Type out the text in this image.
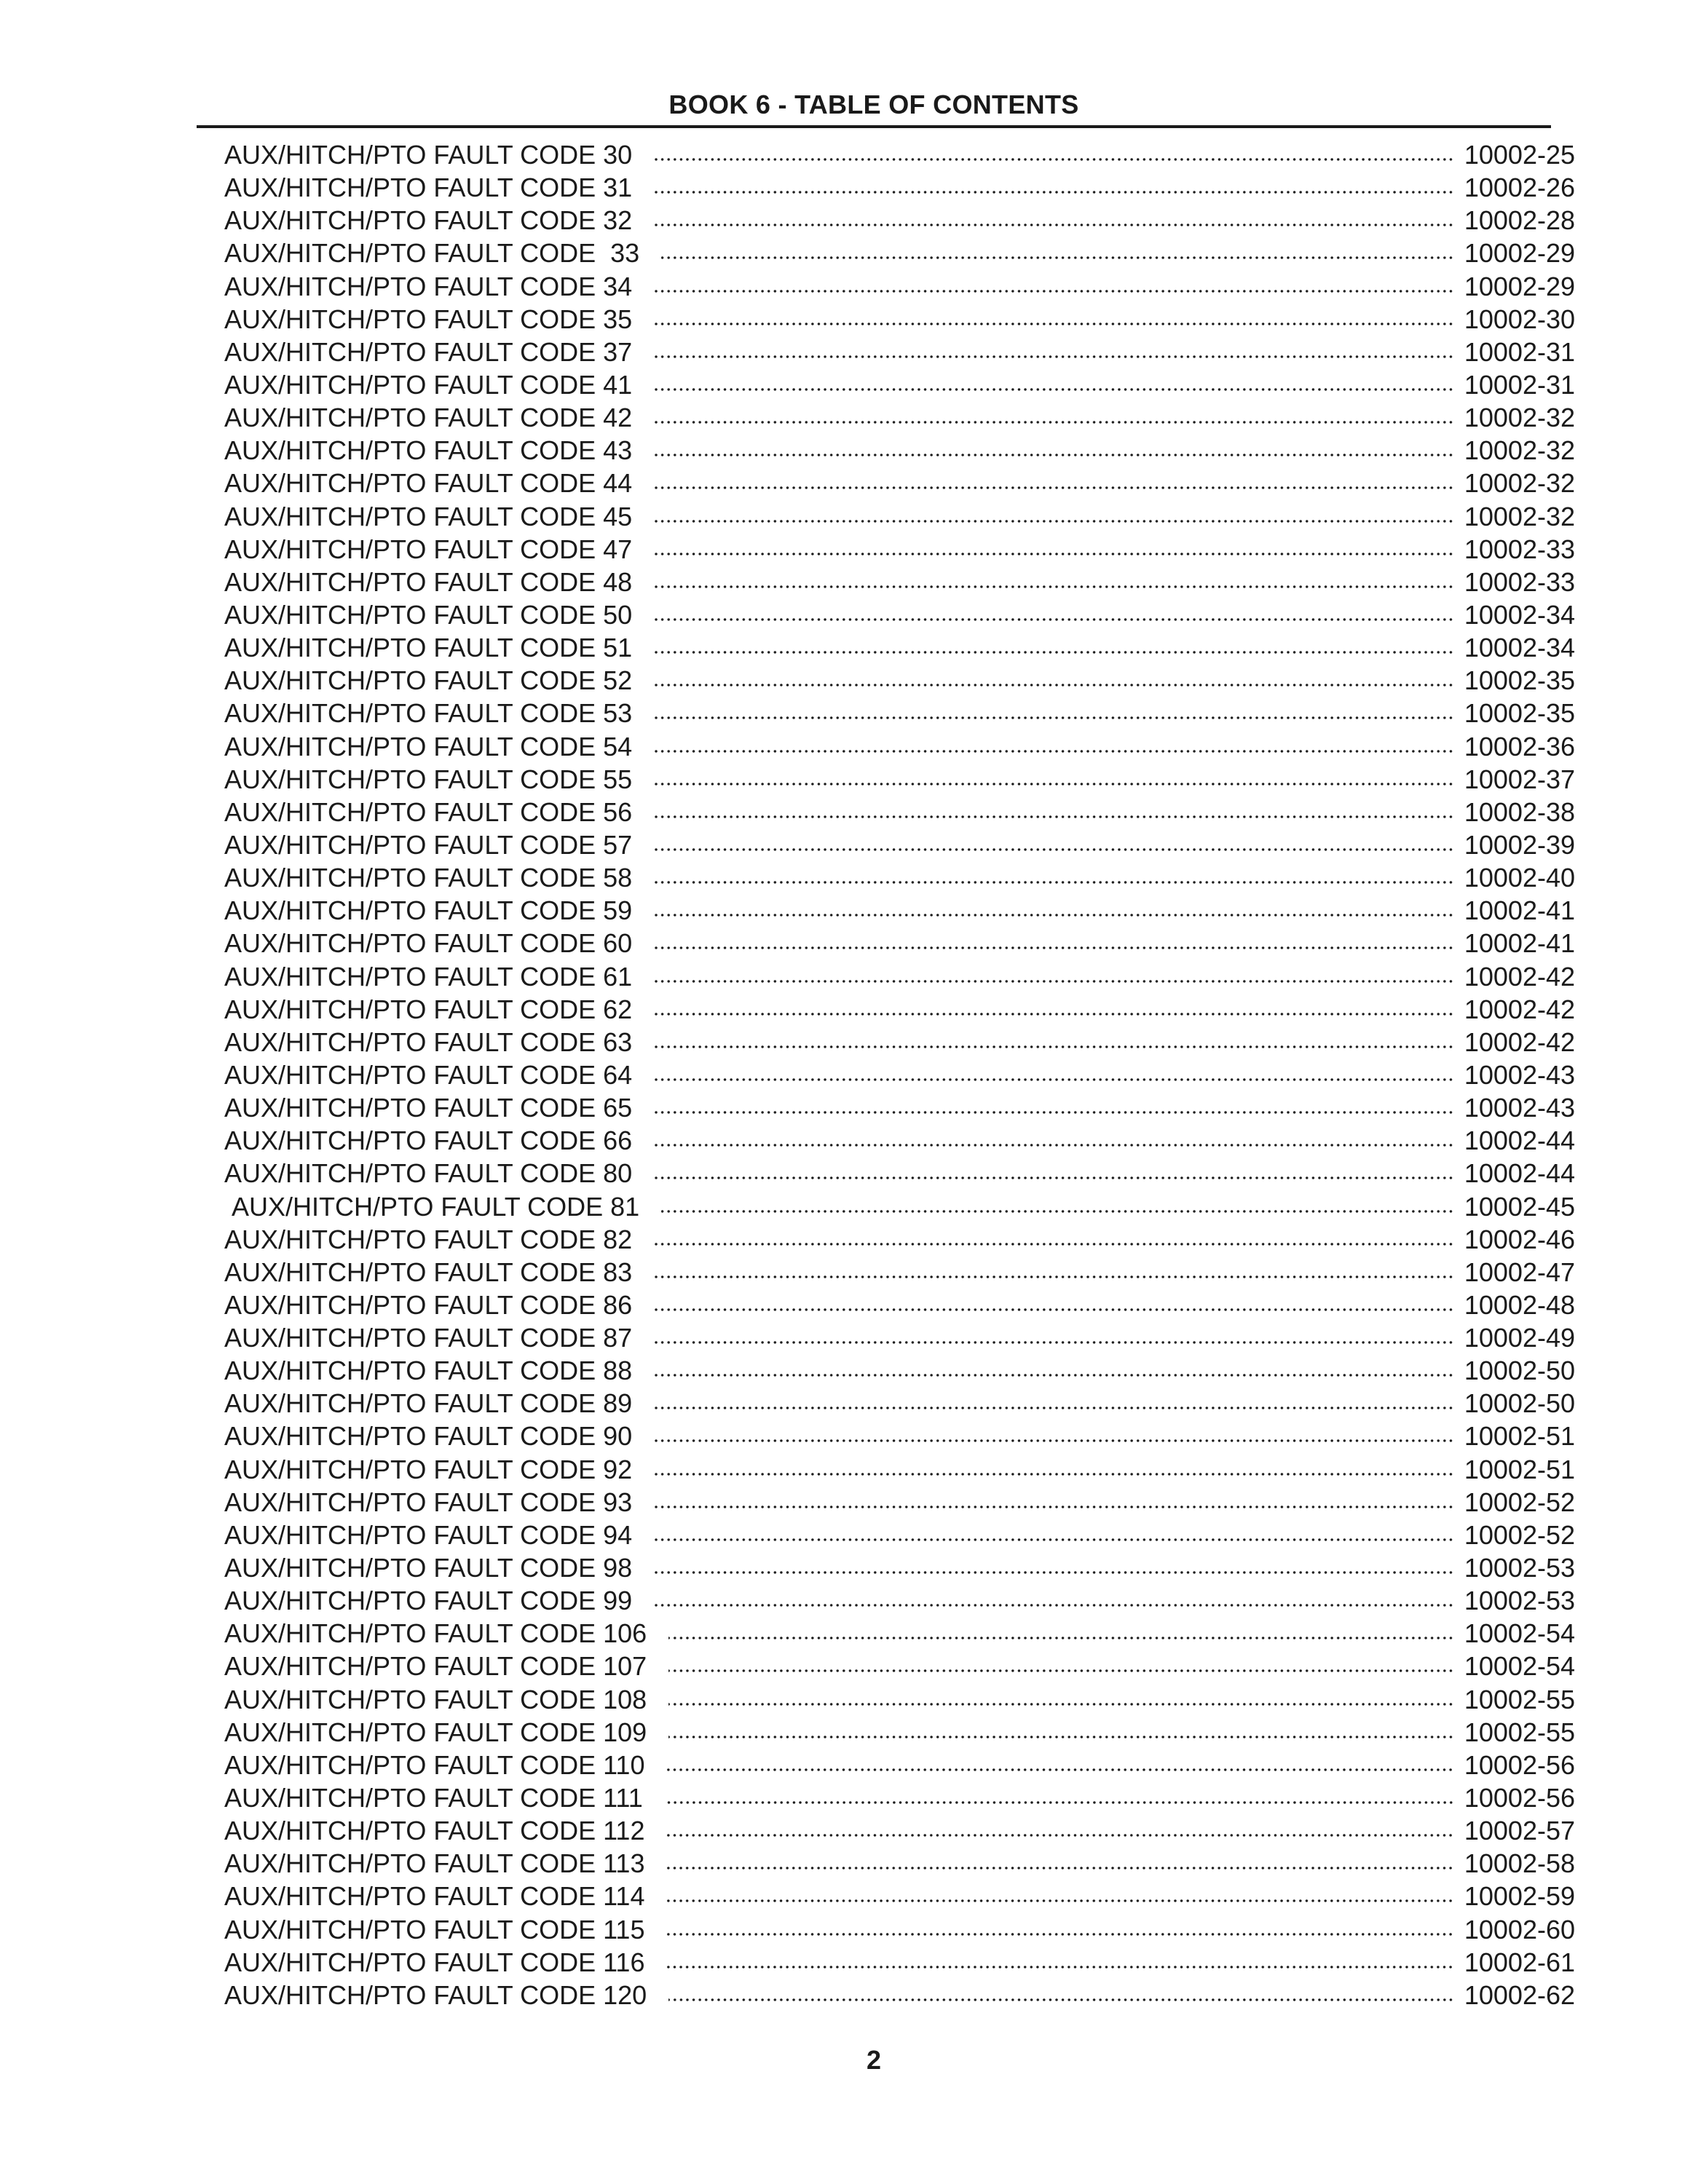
BOOK 6 - TABLE OF CONTENTS
AUX/HITCH/PTO FAULT CODE 30	10002-25
AUX/HITCH/PTO FAULT CODE 31	10002-26
AUX/HITCH/PTO FAULT CODE 32	10002-28
AUX/HITCH/PTO FAULT CODE  33	10002-29
AUX/HITCH/PTO FAULT CODE 34	10002-29
AUX/HITCH/PTO FAULT CODE 35	10002-30
AUX/HITCH/PTO FAULT CODE 37	10002-31
AUX/HITCH/PTO FAULT CODE 41	10002-31
AUX/HITCH/PTO FAULT CODE 42	10002-32
AUX/HITCH/PTO FAULT CODE 43	10002-32
AUX/HITCH/PTO FAULT CODE 44	10002-32
AUX/HITCH/PTO FAULT CODE 45	10002-32
AUX/HITCH/PTO FAULT CODE 47	10002-33
AUX/HITCH/PTO FAULT CODE 48	10002-33
AUX/HITCH/PTO FAULT CODE 50	10002-34
AUX/HITCH/PTO FAULT CODE 51	10002-34
AUX/HITCH/PTO FAULT CODE 52	10002-35
AUX/HITCH/PTO FAULT CODE 53	10002-35
AUX/HITCH/PTO FAULT CODE 54	10002-36
AUX/HITCH/PTO FAULT CODE 55	10002-37
AUX/HITCH/PTO FAULT CODE 56	10002-38
AUX/HITCH/PTO FAULT CODE 57	10002-39
AUX/HITCH/PTO FAULT CODE 58	10002-40
AUX/HITCH/PTO FAULT CODE 59	10002-41
AUX/HITCH/PTO FAULT CODE 60	10002-41
AUX/HITCH/PTO FAULT CODE 61	10002-42
AUX/HITCH/PTO FAULT CODE 62	10002-42
AUX/HITCH/PTO FAULT CODE 63	10002-42
AUX/HITCH/PTO FAULT CODE 64	10002-43
AUX/HITCH/PTO FAULT CODE 65	10002-43
AUX/HITCH/PTO FAULT CODE 66	10002-44
AUX/HITCH/PTO FAULT CODE 80	10002-44
AUX/HITCH/PTO FAULT CODE 81	10002-45
AUX/HITCH/PTO FAULT CODE 82	10002-46
AUX/HITCH/PTO FAULT CODE 83	10002-47
AUX/HITCH/PTO FAULT CODE 86	10002-48
AUX/HITCH/PTO FAULT CODE 87	10002-49
AUX/HITCH/PTO FAULT CODE 88	10002-50
AUX/HITCH/PTO FAULT CODE 89	10002-50
AUX/HITCH/PTO FAULT CODE 90	10002-51
AUX/HITCH/PTO FAULT CODE 92	10002-51
AUX/HITCH/PTO FAULT CODE 93	10002-52
AUX/HITCH/PTO FAULT CODE 94	10002-52
AUX/HITCH/PTO FAULT CODE 98	10002-53
AUX/HITCH/PTO FAULT CODE 99	10002-53
AUX/HITCH/PTO FAULT CODE 106	10002-54
AUX/HITCH/PTO FAULT CODE 107	10002-54
AUX/HITCH/PTO FAULT CODE 108	10002-55
AUX/HITCH/PTO FAULT CODE 109	10002-55
AUX/HITCH/PTO FAULT CODE 110	10002-56
AUX/HITCH/PTO FAULT CODE 111	10002-56
AUX/HITCH/PTO FAULT CODE 112	10002-57
AUX/HITCH/PTO FAULT CODE 113	10002-58
AUX/HITCH/PTO FAULT CODE 114	10002-59
AUX/HITCH/PTO FAULT CODE 115	10002-60
AUX/HITCH/PTO FAULT CODE 116	10002-61
AUX/HITCH/PTO FAULT CODE 120	10002-62
2
